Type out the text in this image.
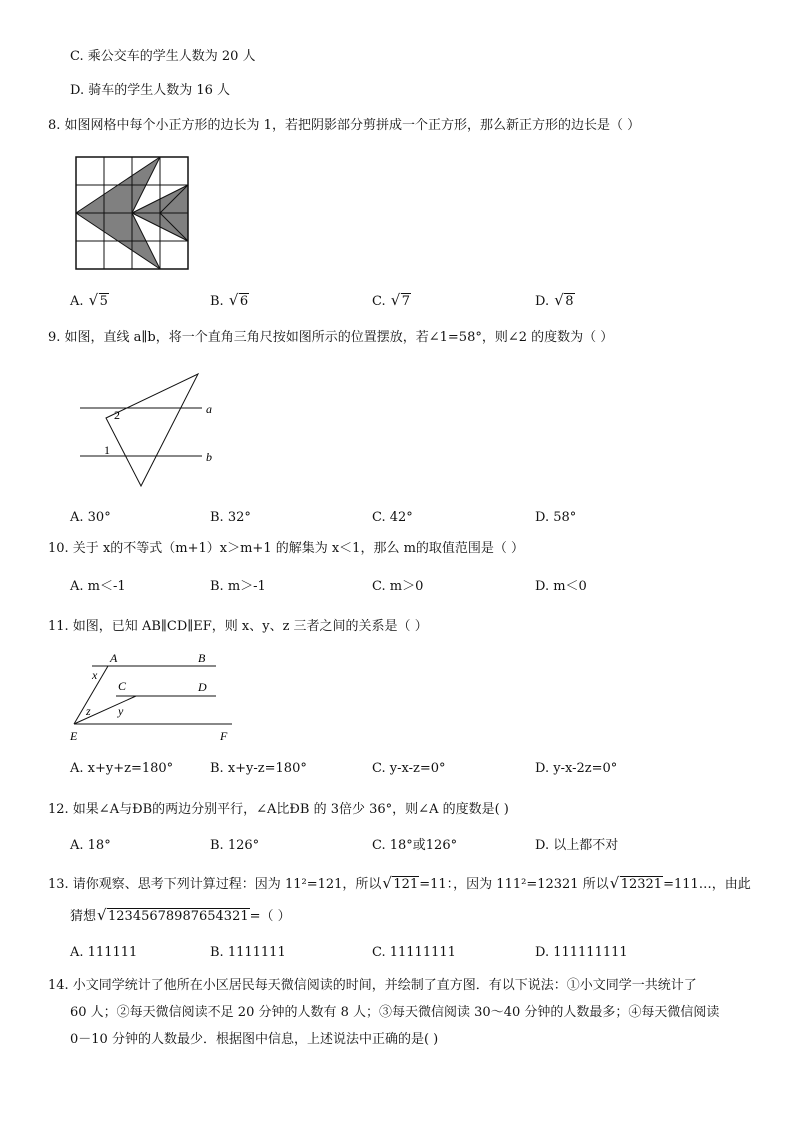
C. 乘公交车的学生人数为 20 人
D. 骑车的学生人数为 16 人
8. 如图网格中每个小正方形的边长为 1，若把阴影部分剪拼成一个正方形，那么新正方形的边长是（ ）
A. √ 5	B. √ 6	C. √ 7	D. √ 8
9. 如图，直线 a∥b，将一个直角三角尺按如图所示的位置摆放，若∠1=58°，则∠2 的度数为（ ）
a
b
2
1
A. 30°	B. 32°	C. 42°	D. 58°
10. 关于 x的不等式（m+1）x＞m+1 的解集为 x＜1，那么 m的取值范围是（ ）
A. m＜-1	B. m＞-1	C. m＞0	D. m＜0
11. 如图，已知 AB∥CD∥EF，则 x、y、z 三者之间的关系是（ ）
A	B
C	D
E	F
x
y
z
A. x+y+z=180°	B. x+y-z=180°	C. y-x-z=0°	D. y-x-2z=0°
12. 如果∠A与ÐB的两边分别平行，∠A比ÐB 的 3倍少 36°，则∠A 的度数是( )
A. 18°	B. 126°	C. 18°或126°	D. 以上都不对
13. 请你观察、思考下列计算过程：因为 11²=121，所以 √ 121=11：，因为 111²=12321 所以 √ 12321=111…，由此
猜想 √ 12345678987654321=（ ）
A. 111111	B. 1111111	C. 11111111	D. 111111111
14. 小文同学统计了他所在小区居民每天微信阅读的时间，并绘制了直方图．有以下说法：①小文同学一共统计了
60 人；②每天微信阅读不足 20 分钟的人数有 8 人；③每天微信阅读 30～40 分钟的人数最多；④每天微信阅读
0－10 分钟的人数最少．根据图中信息，上述说法中正确的是( )
